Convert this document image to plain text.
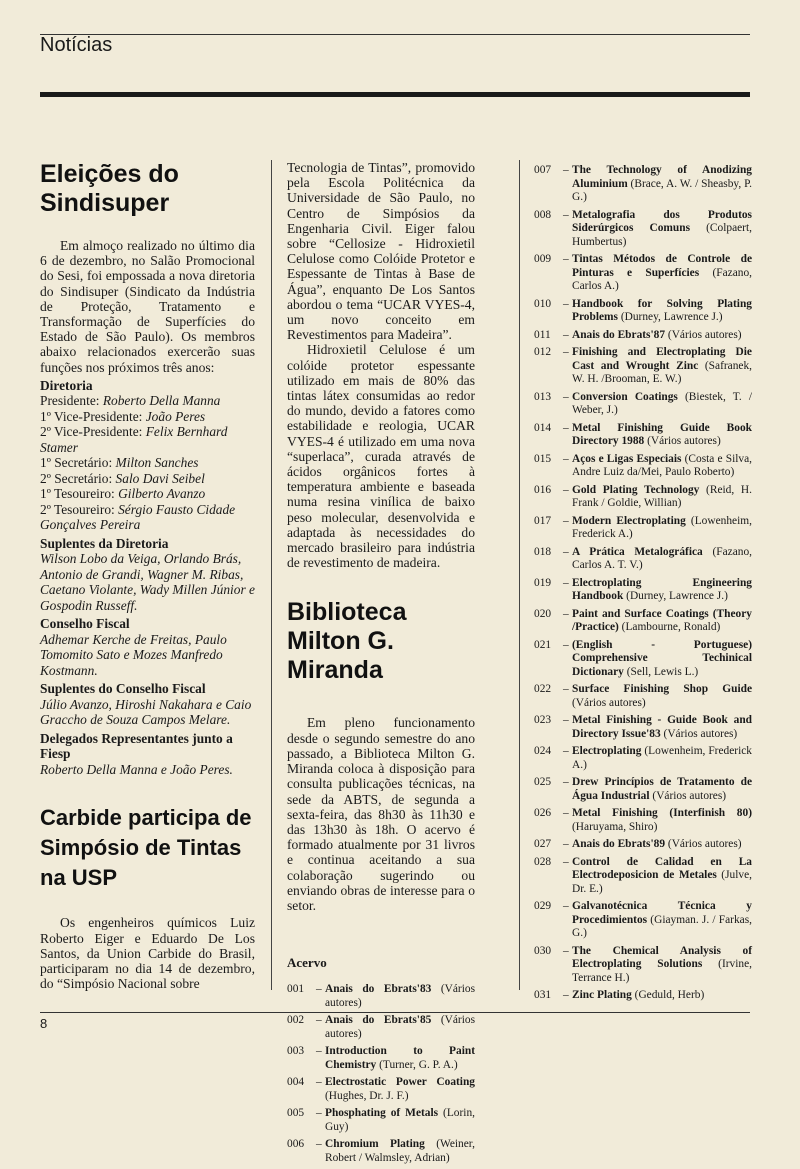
Notícias
Eleições do Sindisuper

Em almoço realizado no último dia 6 de dezembro, no Salão Promocional do Sesi, foi empossada a nova diretoria do Sindisuper (Sindicato da Indústria de Proteção, Tratamento e Transformação de Superfícies do Estado de São Paulo). Os membros abaixo relacionados exercerão suas funções nos próximos três anos:

Diretoria
Presidente: Roberto Della Manna
1º Vice-Presidente: João Peres
2º Vice-Presidente: Felix Bernhard Stamer
1º Secretário: Milton Sanches
2º Secretário: Salo Davi Seibel
1º Tesoureiro: Gilberto Avanzo
2º Tesoureiro: Sérgio Fausto Cidade Gonçalves Pereira
Suplentes da Diretoria
Wilson Lobo da Veiga, Orlando Brás, Antonio de Grandi, Wagner M. Ribas, Caetano Violante, Wady Millen Júnior e Gospodin Russeff.
Conselho Fiscal
Adhemar Kerche de Freitas, Paulo Tomomito Sato e Mozes Manfredo Kostmann.
Suplentes do Conselho Fiscal
Júlio Avanzo, Hiroshi Nakahara e Caio Graccho de Souza Campos Melare.
Delegados Representantes junto a Fiesp
Roberto Della Manna e João Peres.
Carbide participa de Simpósio de Tintas na USP

Os engenheiros químicos Luiz Roberto Eiger e Eduardo De Los Santos, da Union Carbide do Brasil, participaram no dia 14 de dezembro, do “Simpósio Nacional sobre

Tecnologia de Tintas”, promovido pela Escola Politécnica da Universidade de São Paulo, no Centro de Simpósios da Engenharia Civil. Eiger falou sobre “Cellosize - Hidroxietil Celulose como Colóide Protetor e Espessante de Tintas à Base de Água”, enquanto De Los Santos abordou o tema “UCAR VYES-4, um novo conceito em Revestimentos para Madeira”.

Hidroxietil Celulose é um colóide protetor espessante utilizado em mais de 80% das tintas látex consumidas ao redor do mundo, devido a fatores como estabilidade e reologia, UCAR VYES-4 é utilizado em uma nova “superlaca”, curada através de ácidos orgânicos fortes à temperatura ambiente e baseada numa resina vinílica de baixo peso molecular, desenvolvida e adaptada às necessidades do mercado brasileiro para indústria de revestimento de madeira.

Biblioteca Milton G. Miranda

Em pleno funcionamento desde o segundo semestre do ano passado, a Biblioteca Milton G. Miranda coloca à disposição para consulta publicações técnicas, na sede da ABTS, de segunda a sexta-feira, das 8h30 às 11h30 e das 13h30 às 18h. O acervo é formado atualmente por 31 livros e continua aceitando a sua colaboração sugerindo ou enviando obras de interesse para o setor.

Acervo
001	– Anais do Ebrats'83 (Vários autores)
002	– Anais do Ebrats'85 (Vários autores)
003	– Introduction to Paint Chemistry (Turner, G. P. A.)
004	– Electrostatic Power Coating (Hughes, Dr. J. F.)
005	– Phosphating of Metals (Lorin, Guy)
006	– Chromium Plating (Weiner, Robert / Walmsley, Adrian)
007	– The Technology of Anodizing Aluminium (Brace, A. W. / Sheasby, P. G.)
008	– Metalografia dos Produtos Siderúrgicos Comuns (Colpaert, Humbertus)
009	– Tintas Métodos de Controle de Pinturas e Superfícies (Fazano, Carlos A.)
010	– Handbook for Solving Plating Problems (Durney, Lawrence J.)
011	– Anais do Ebrats'87 (Vários autores)
012	– Finishing and Electroplating Die Cast and Wrought Zinc (Safranek, W. H. /Brooman, E. W.)
013	– Conversion Coatings (Biestek, T. / Weber, J.)
014	– Metal Finishing Guide Book Directory 1988 (Vários autores)
015	– Aços e Ligas Especiais (Costa e Silva, Andre Luiz da/Mei, Paulo Roberto)
016	– Gold Plating Technology (Reid, H. Frank / Goldie, Willian)
017	– Modern Electroplating (Lowenheim, Frederick A.)
018	– A Prática Metalográfica (Fazano, Carlos A. T. V.)
019	– Electroplating Engineering Handbook (Durney, Lawrence J.)
020	– Paint and Surface Coatings (Theory /Practice) (Lambourne, Ronald)
021	– (English - Portuguese) Comprehensive Techinical Dictionary (Sell, Lewis L.)
022	– Surface Finishing Shop Guide (Vários autores)
023	– Metal Finishing - Guide Book and Directory Issue'83 (Vários autores)
024	– Electroplating (Lowenheim, Frederick A.)
025	– Drew Princípios de Tratamento de Água Industrial (Vários autores)
026	– Metal Finishing (Interfinish 80) (Haruyama, Shiro)
027	– Anais do Ebrats'89 (Vários autores)
028	– Control de Calidad en La Electrodeposicion de Metales (Julve, Dr. E.)
029	– Galvanotécnica Técnica y Procedimientos (Giayman. J. / Farkas, G.)
030	– The Chemical Analysis of Electroplating Solutions (Irvine, Terrance H.)
031	– Zinc Plating (Geduld, Herb)
8
